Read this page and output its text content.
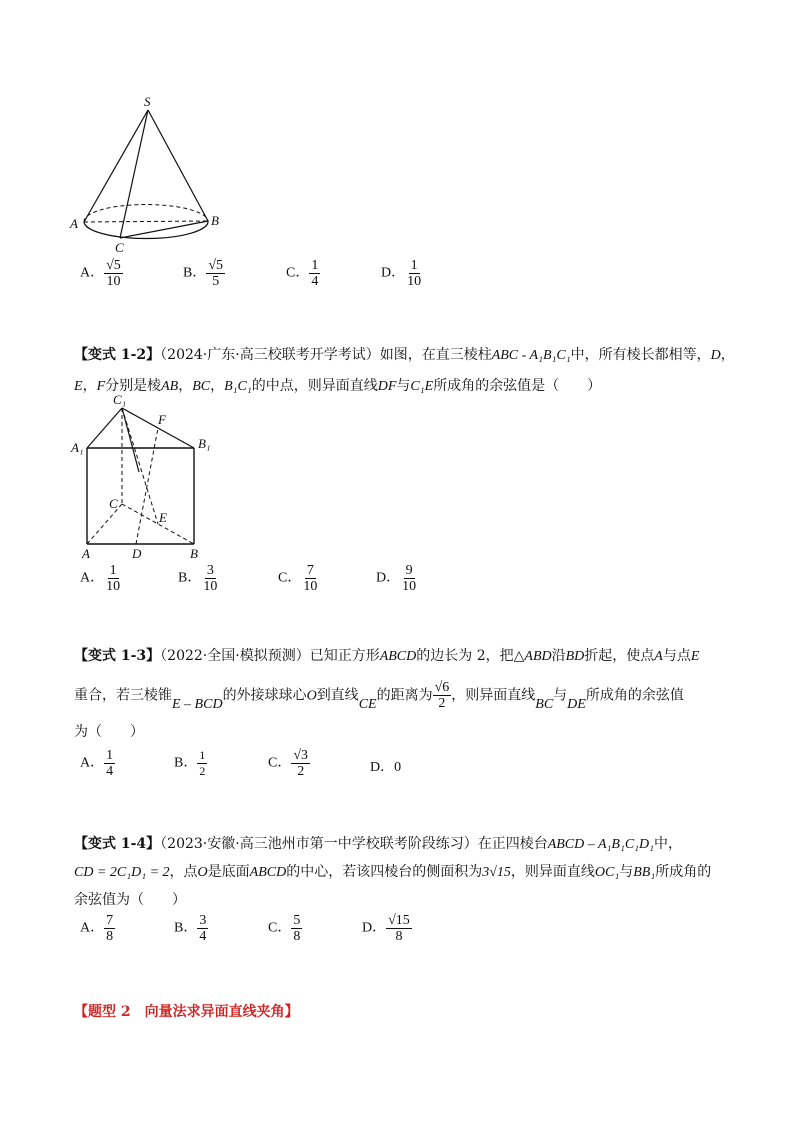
S
A	B
C
A． $\frac{√5}{10}$	B． $\frac{√5}{5}$	C． $\frac{1}{4}$	D． $\frac{1}{10}$
【变式 1-2】（2024·广东·高三校联考开学考试）如图，在直三棱柱ABC - A₁B₁C₁中，所有棱长都相等，D，
E，F分别是棱AB，BC，B₁C₁的中点，则异面直线DF与C₁E所成角的余弦值是（　　）
C₁
F
A₁	B₁
C
E
A	D	B
A． $\frac{1}{10}$	B． $\frac{3}{10}$	C． $\frac{7}{10}$	D． $\frac{9}{10}$
【变式 1-3】（2022·全国·模拟预测）已知正方形ABCD的边长为 2，把△ABD沿BD折起，使点A与点E
重合，若三棱锥E – BCD的外接球球心O到直线CE的距离为 $\frac{√6}{2}$ ，则异面直线BC与DE所成角的余弦值
为（　　）
A． $\frac{1}{4}$	B． $\frac{1}{2}$	C． $\frac{√3}{2}$	D．0
【变式 1-4】（2023·安徽·高三池州市第一中学校联考阶段练习）在正四棱台ABCD – A₁B₁C₁D₁中，
CD = 2C₁D₁ = 2，点O是底面ABCD的中心，若该四棱台的侧面积为3√15，则异面直线OC₁与BB₁所成角的
余弦值为（　　）
A． $\frac{7}{8}$	B． $\frac{3}{4}$	C． $\frac{5}{8}$	D． $\frac{√15}{8}$
【题型 2　向量法求异面直线夹角】
